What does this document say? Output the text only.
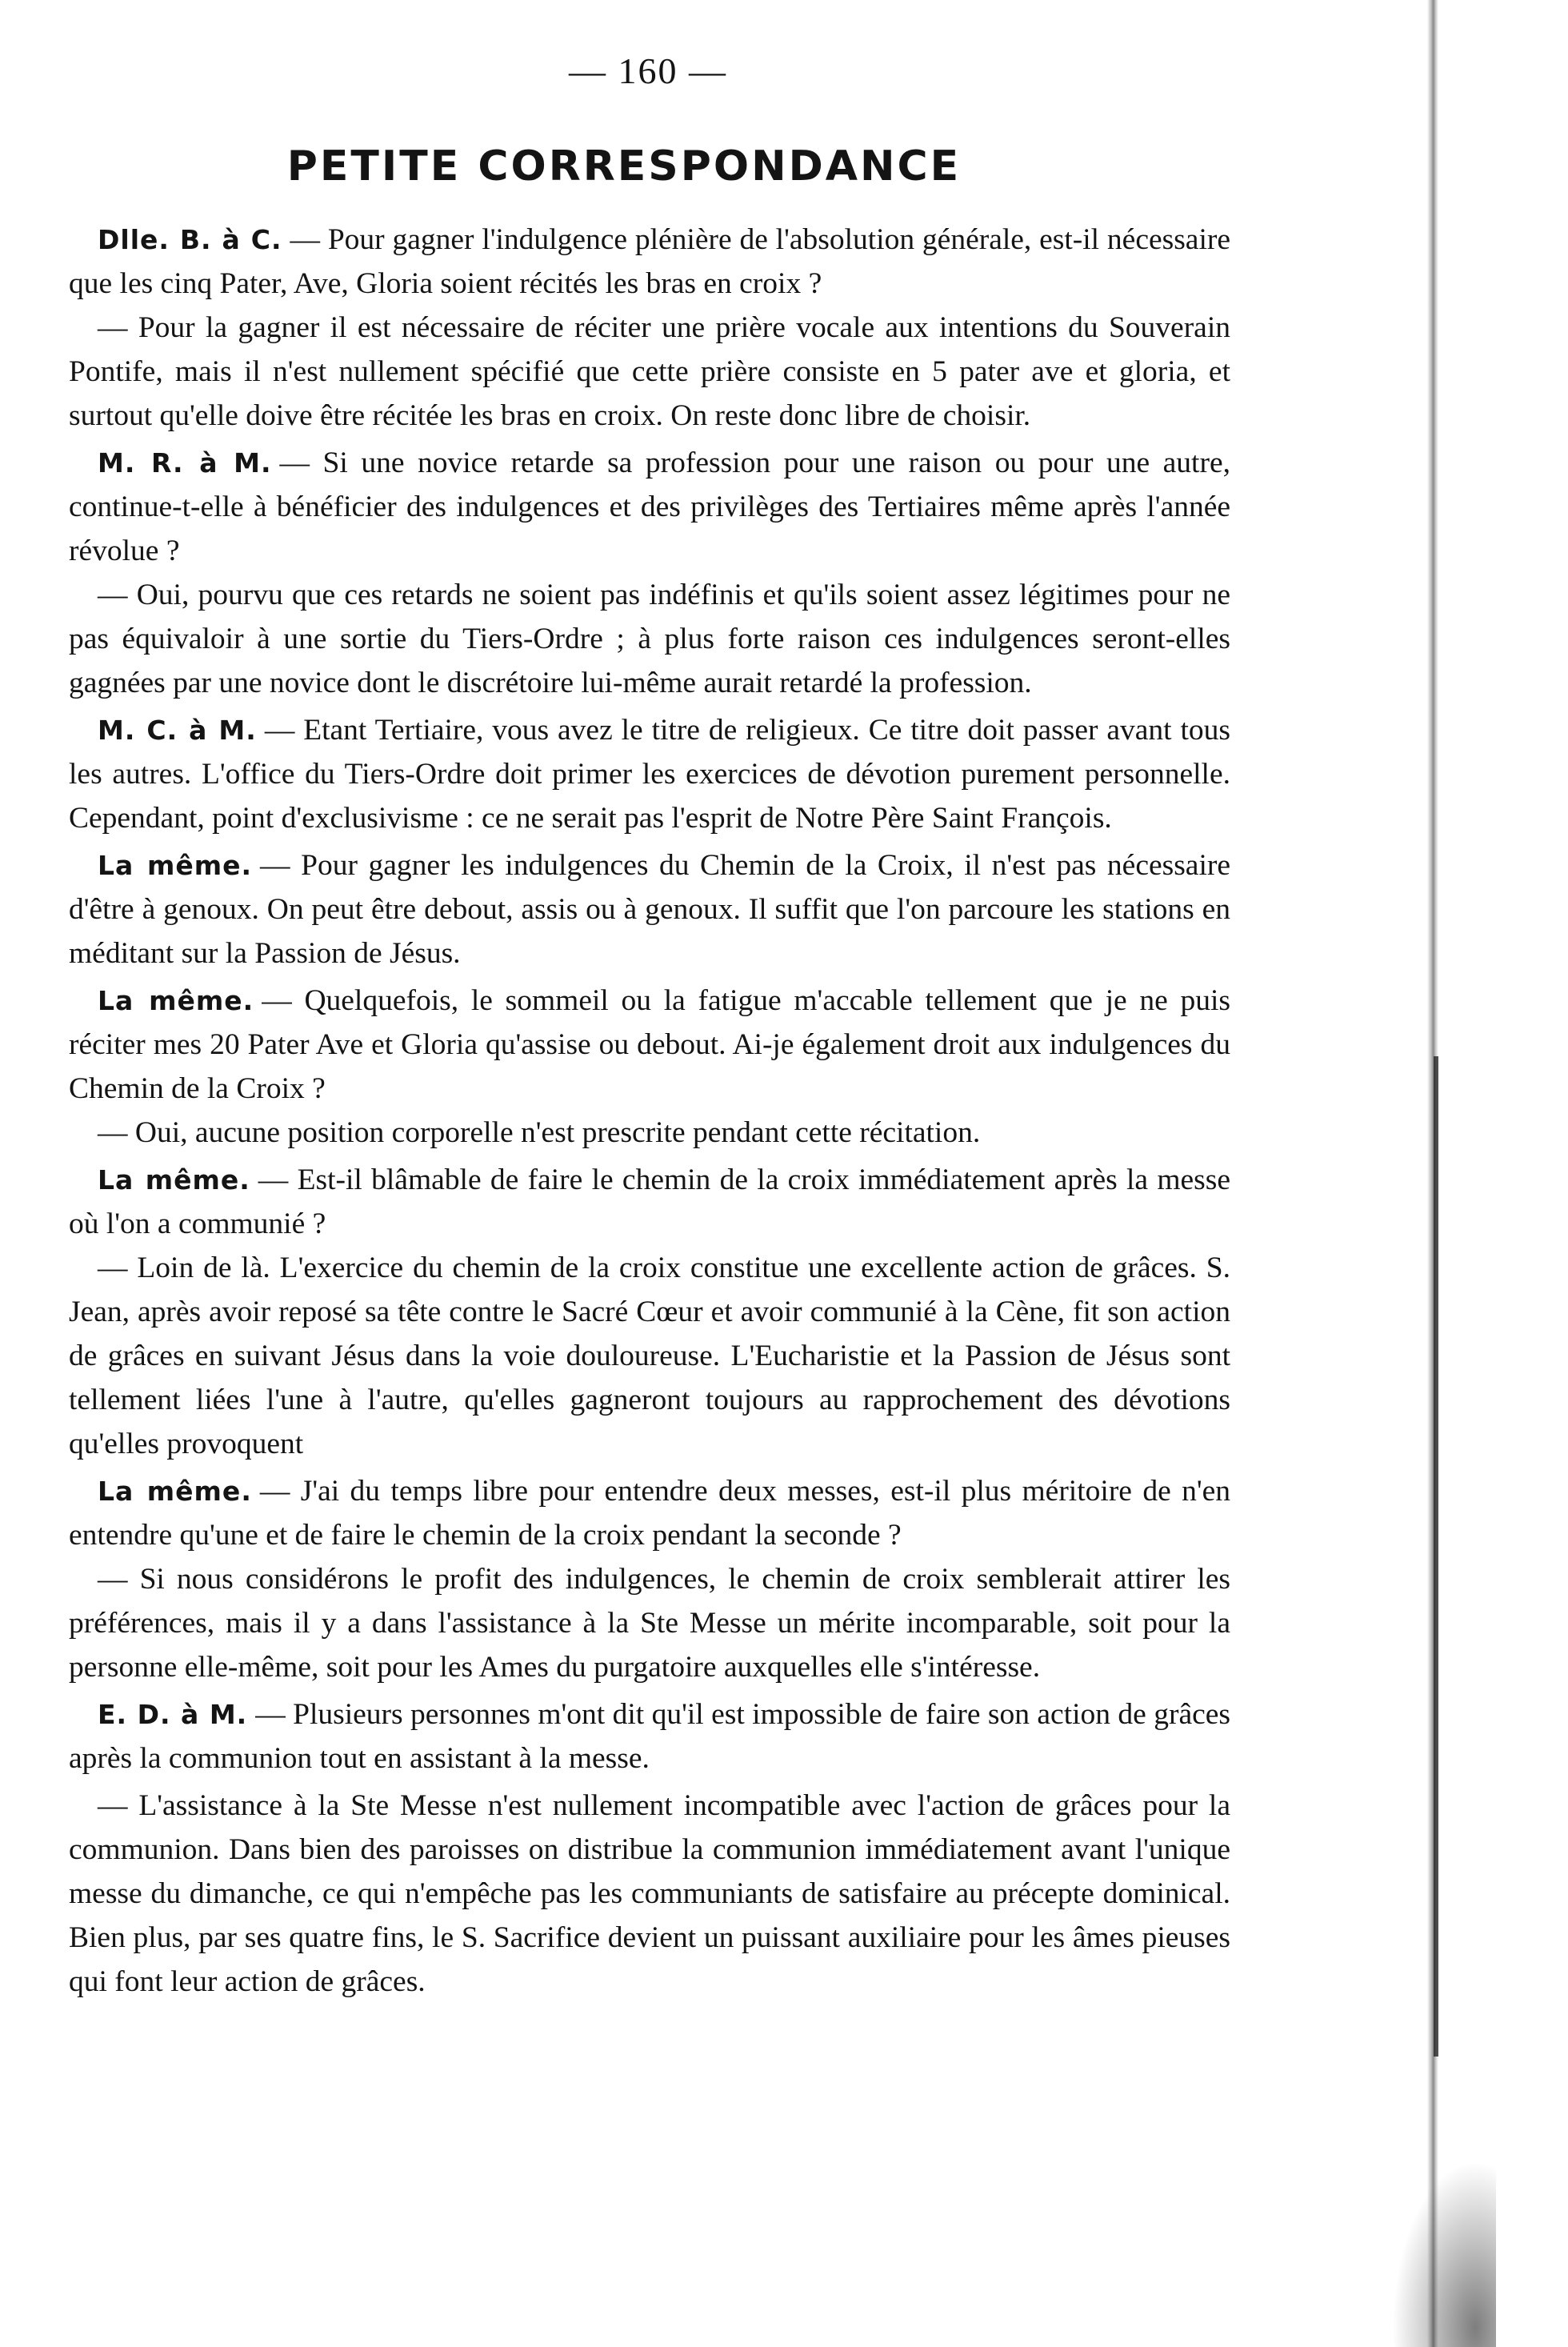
— 160 —
PETITE CORRESPONDANCE

Dlle. B. à C. — Pour gagner l'indulgence plénière de l'absolution générale, est-il nécessaire que les cinq Pater, Ave, Gloria soient récités les bras en croix ?

— Pour la gagner il est nécessaire de réciter une prière vocale aux intentions du Souverain Pontife, mais il n'est nullement spécifié que cette prière consiste en 5 pater ave et gloria, et surtout qu'elle doive être récitée les bras en croix. On reste donc libre de choisir.

M. R. à M. — Si une novice retarde sa profession pour une raison ou pour une autre, continue-t-elle à bénéficier des indulgences et des privilèges des Tertiaires même après l'année révolue ?

— Oui, pourvu que ces retards ne soient pas indéfinis et qu'ils soient assez légitimes pour ne pas équivaloir à une sortie du Tiers-Ordre ; à plus forte raison ces indulgences seront-elles gagnées par une novice dont le discrétoire lui-même aurait retardé la profession.

M. C. à M. — Etant Tertiaire, vous avez le titre de religieux. Ce titre doit passer avant tous les autres. L'office du Tiers-Ordre doit primer les exercices de dévotion purement personnelle. Cependant, point d'exclusivisme : ce ne serait pas l'esprit de Notre Père Saint François.

La même. — Pour gagner les indulgences du Chemin de la Croix, il n'est pas nécessaire d'être à genoux. On peut être debout, assis ou à genoux. Il suffit que l'on parcoure les stations en méditant sur la Passion de Jésus.

La même. — Quelquefois, le sommeil ou la fatigue m'accable tellement que je ne puis réciter mes 20 Pater Ave et Gloria qu'assise ou debout. Ai-je également droit aux indulgences du Chemin de la Croix ?

— Oui, aucune position corporelle n'est prescrite pendant cette récitation.

La même. — Est-il blâmable de faire le chemin de la croix immédiatement après la messe où l'on a communié ?

— Loin de là. L'exercice du chemin de la croix constitue une excellente action de grâces. S. Jean, après avoir reposé sa tête contre le Sacré Cœur et avoir communié à la Cène, fit son action de grâces en suivant Jésus dans la voie douloureuse. L'Eucharistie et la Passion de Jésus sont tellement liées l'une à l'autre, qu'elles gagneront toujours au rapprochement des dévotions qu'elles provoquent

La même. — J'ai du temps libre pour entendre deux messes, est-il plus méritoire de n'en entendre qu'une et de faire le chemin de la croix pendant la seconde ?

— Si nous considérons le profit des indulgences, le chemin de croix semblerait attirer les préférences, mais il y a dans l'assistance à la Ste Messe un mérite incomparable, soit pour la personne elle-même, soit pour les Ames du purgatoire auxquelles elle s'intéresse.

E. D. à M. — Plusieurs personnes m'ont dit qu'il est impossible de faire son action de grâces après la communion tout en assistant à la messe.

— L'assistance à la Ste Messe n'est nullement incompatible avec l'action de grâces pour la communion. Dans bien des paroisses on distribue la communion immédiatement avant l'unique messe du dimanche, ce qui n'empêche pas les communiants de satisfaire au précepte dominical. Bien plus, par ses quatre fins, le S. Sacrifice devient un puissant auxiliaire pour les âmes pieuses qui font leur action de grâces.
